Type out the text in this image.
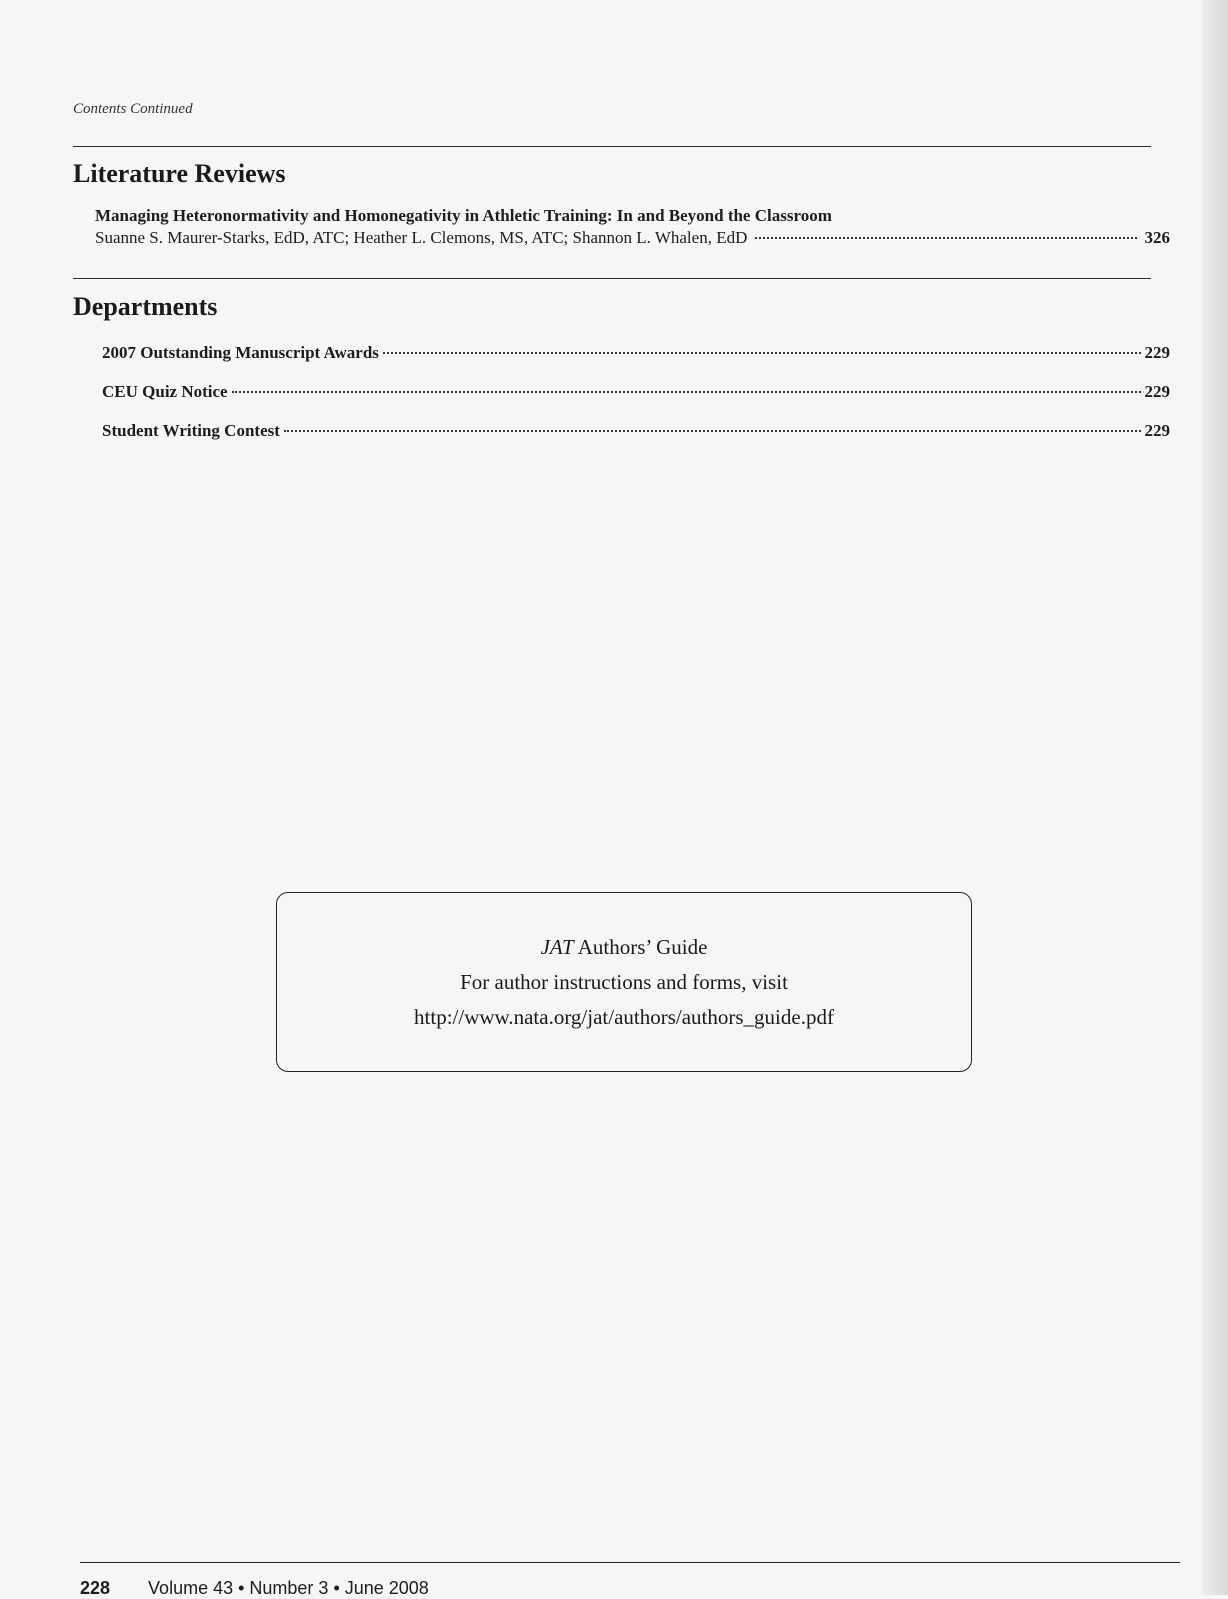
Contents Continued
Literature Reviews
Managing Heteronormativity and Homonegativity in Athletic Training: In and Beyond the Classroom
Suanne S. Maurer-Starks, EdD, ATC; Heather L. Clemons, MS, ATC; Shannon L. Whalen, EdD	326
Departments
2007 Outstanding Manuscript Awards	229
CEU Quiz Notice	229
Student Writing Contest	229
JAT Authors’ Guide
For author instructions and forms, visit
http://www.nata.org/jat/authors/authors_guide.pdf
228 Volume 43 • Number 3 • June 2008
